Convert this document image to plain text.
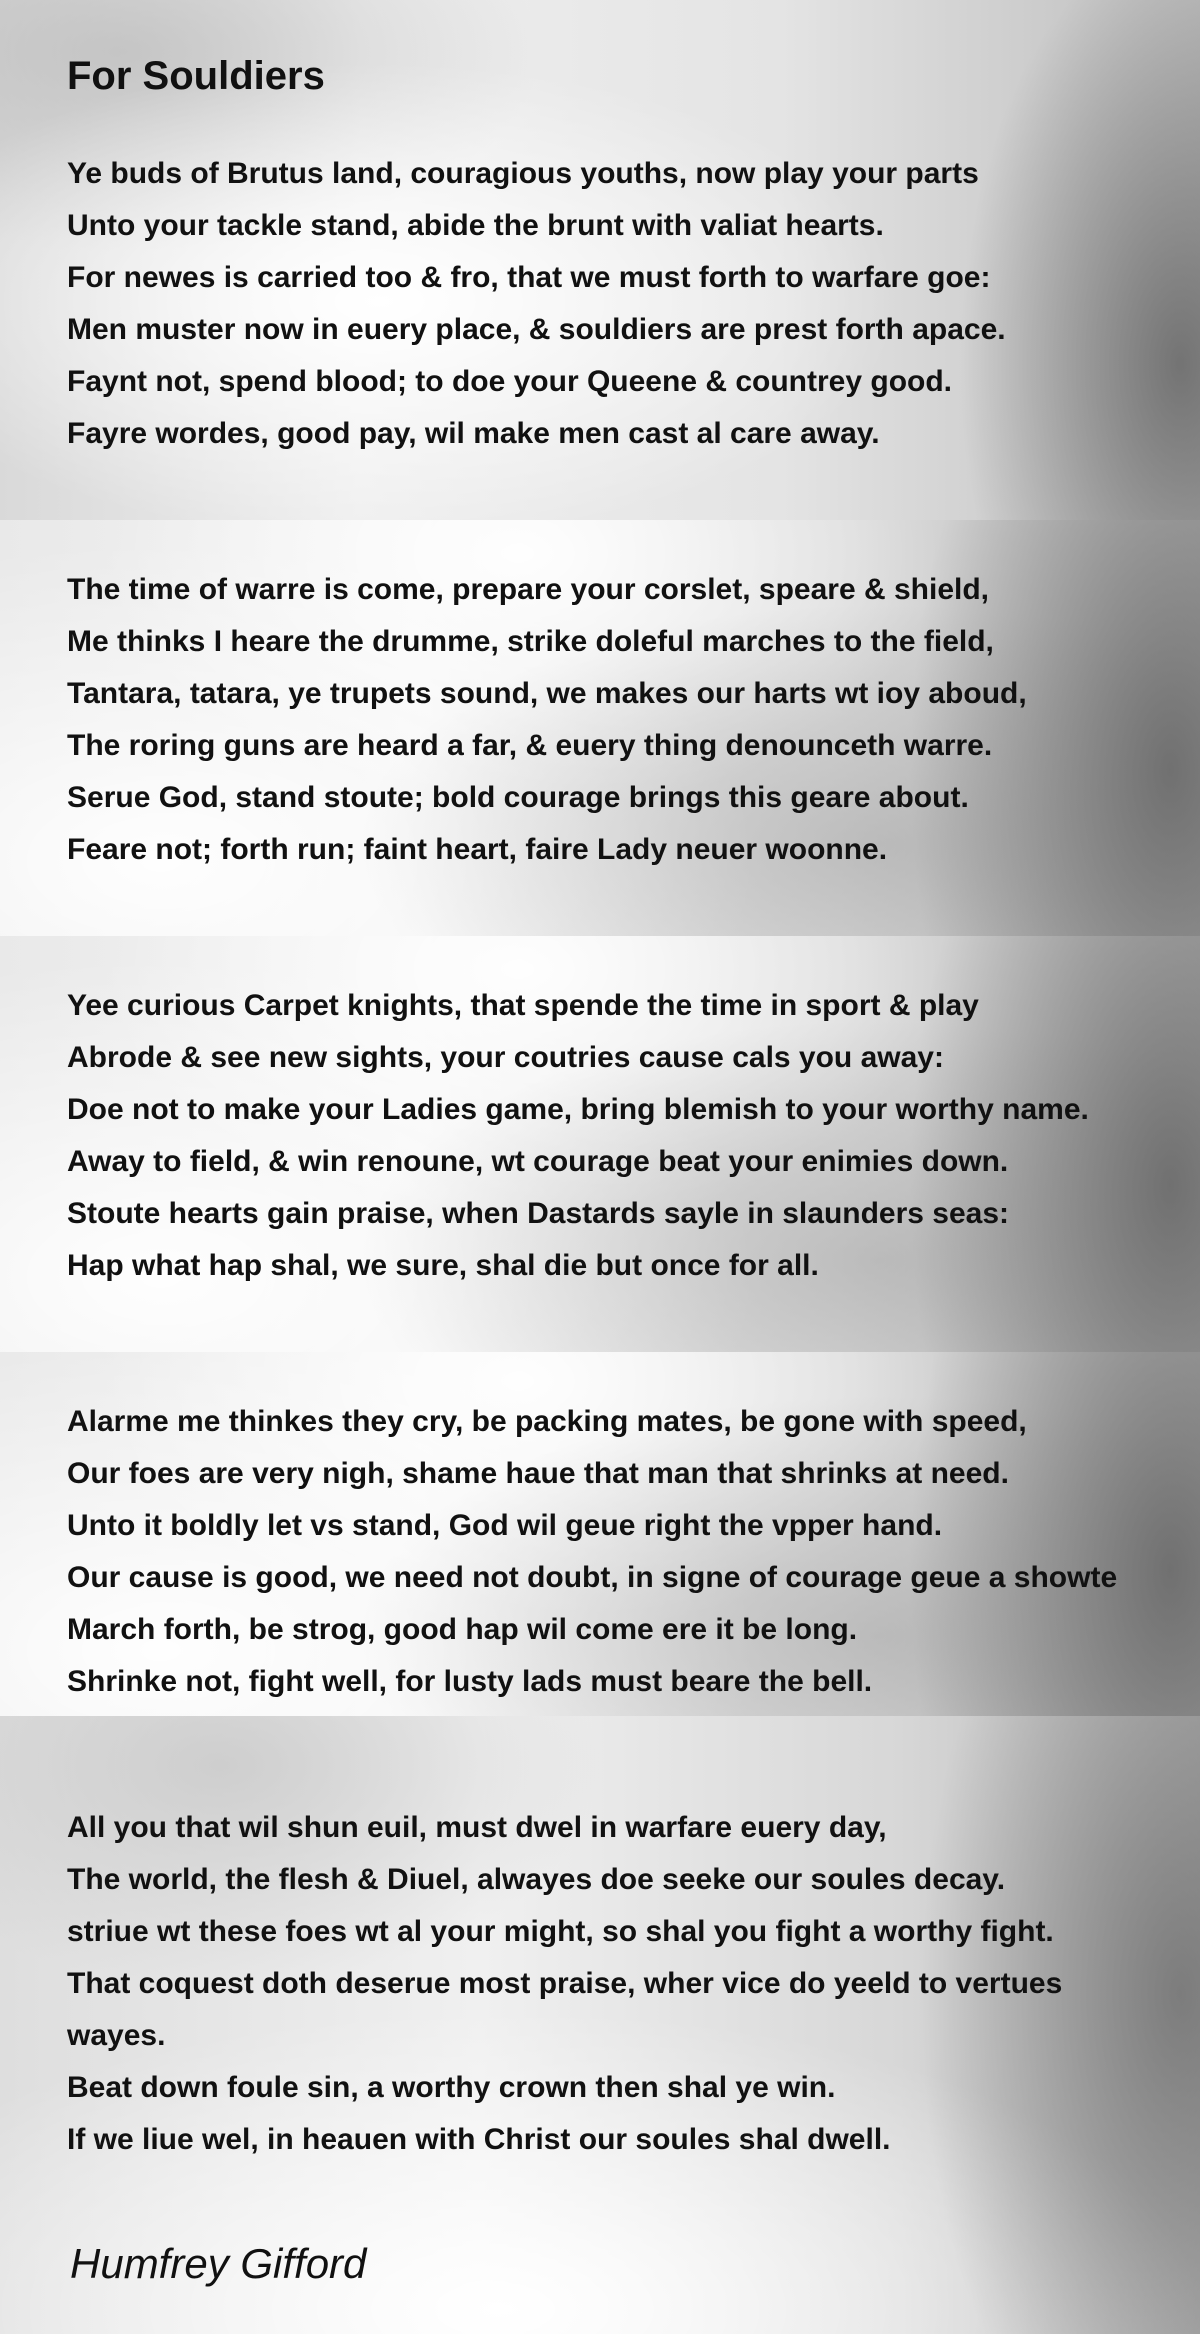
For Souldiers
Ye buds of Brutus land, couragious youths, now play your parts
Unto your tackle stand, abide the brunt with valiat hearts.
For newes is carried too & fro, that we must forth to warfare goe:
Men muster now in euery place, & souldiers are prest forth apace.
Faynt not, spend blood; to doe your Queene & countrey good.
Fayre wordes, good pay, wil make men cast al care away.
The time of warre is come, prepare your corslet, speare & shield,
Me thinks I heare the drumme, strike doleful marches to the field,
Tantara, tatara, ye trupets sound, we makes our harts wt ioy aboud,
The roring guns are heard a far, & euery thing denounceth warre.
Serue God, stand stoute; bold courage brings this geare about.
Feare not; forth run; faint heart, faire Lady neuer woonne.
Yee curious Carpet knights, that spende the time in sport & play
Abrode & see new sights, your coutries cause cals you away:
Doe not to make your Ladies game, bring blemish to your worthy name.
Away to field, & win renoune, wt courage beat your enimies down.
Stoute hearts gain praise, when Dastards sayle in slaunders seas:
Hap what hap shal, we sure, shal die but once for all.
Alarme me thinkes they cry, be packing mates, be gone with speed,
Our foes are very nigh, shame haue that man that shrinks at need.
Unto it boldly let vs stand, God wil geue right the vpper hand.
Our cause is good, we need not doubt, in signe of courage geue a showte
March forth, be strog, good hap wil come ere it be long.
Shrinke not, fight well, for lusty lads must beare the bell.
All you that wil shun euil, must dwel in warfare euery day,
The world, the flesh & Diuel, alwayes doe seeke our soules decay.
striue wt these foes wt al your might, so shal you fight a worthy fight.
That coquest doth deserue most praise, wher vice do yeeld to vertues
wayes.
Beat down foule sin, a worthy crown then shal ye win.
If we liue wel, in heauen with Christ our soules shal dwell.

Humfrey Gifford
